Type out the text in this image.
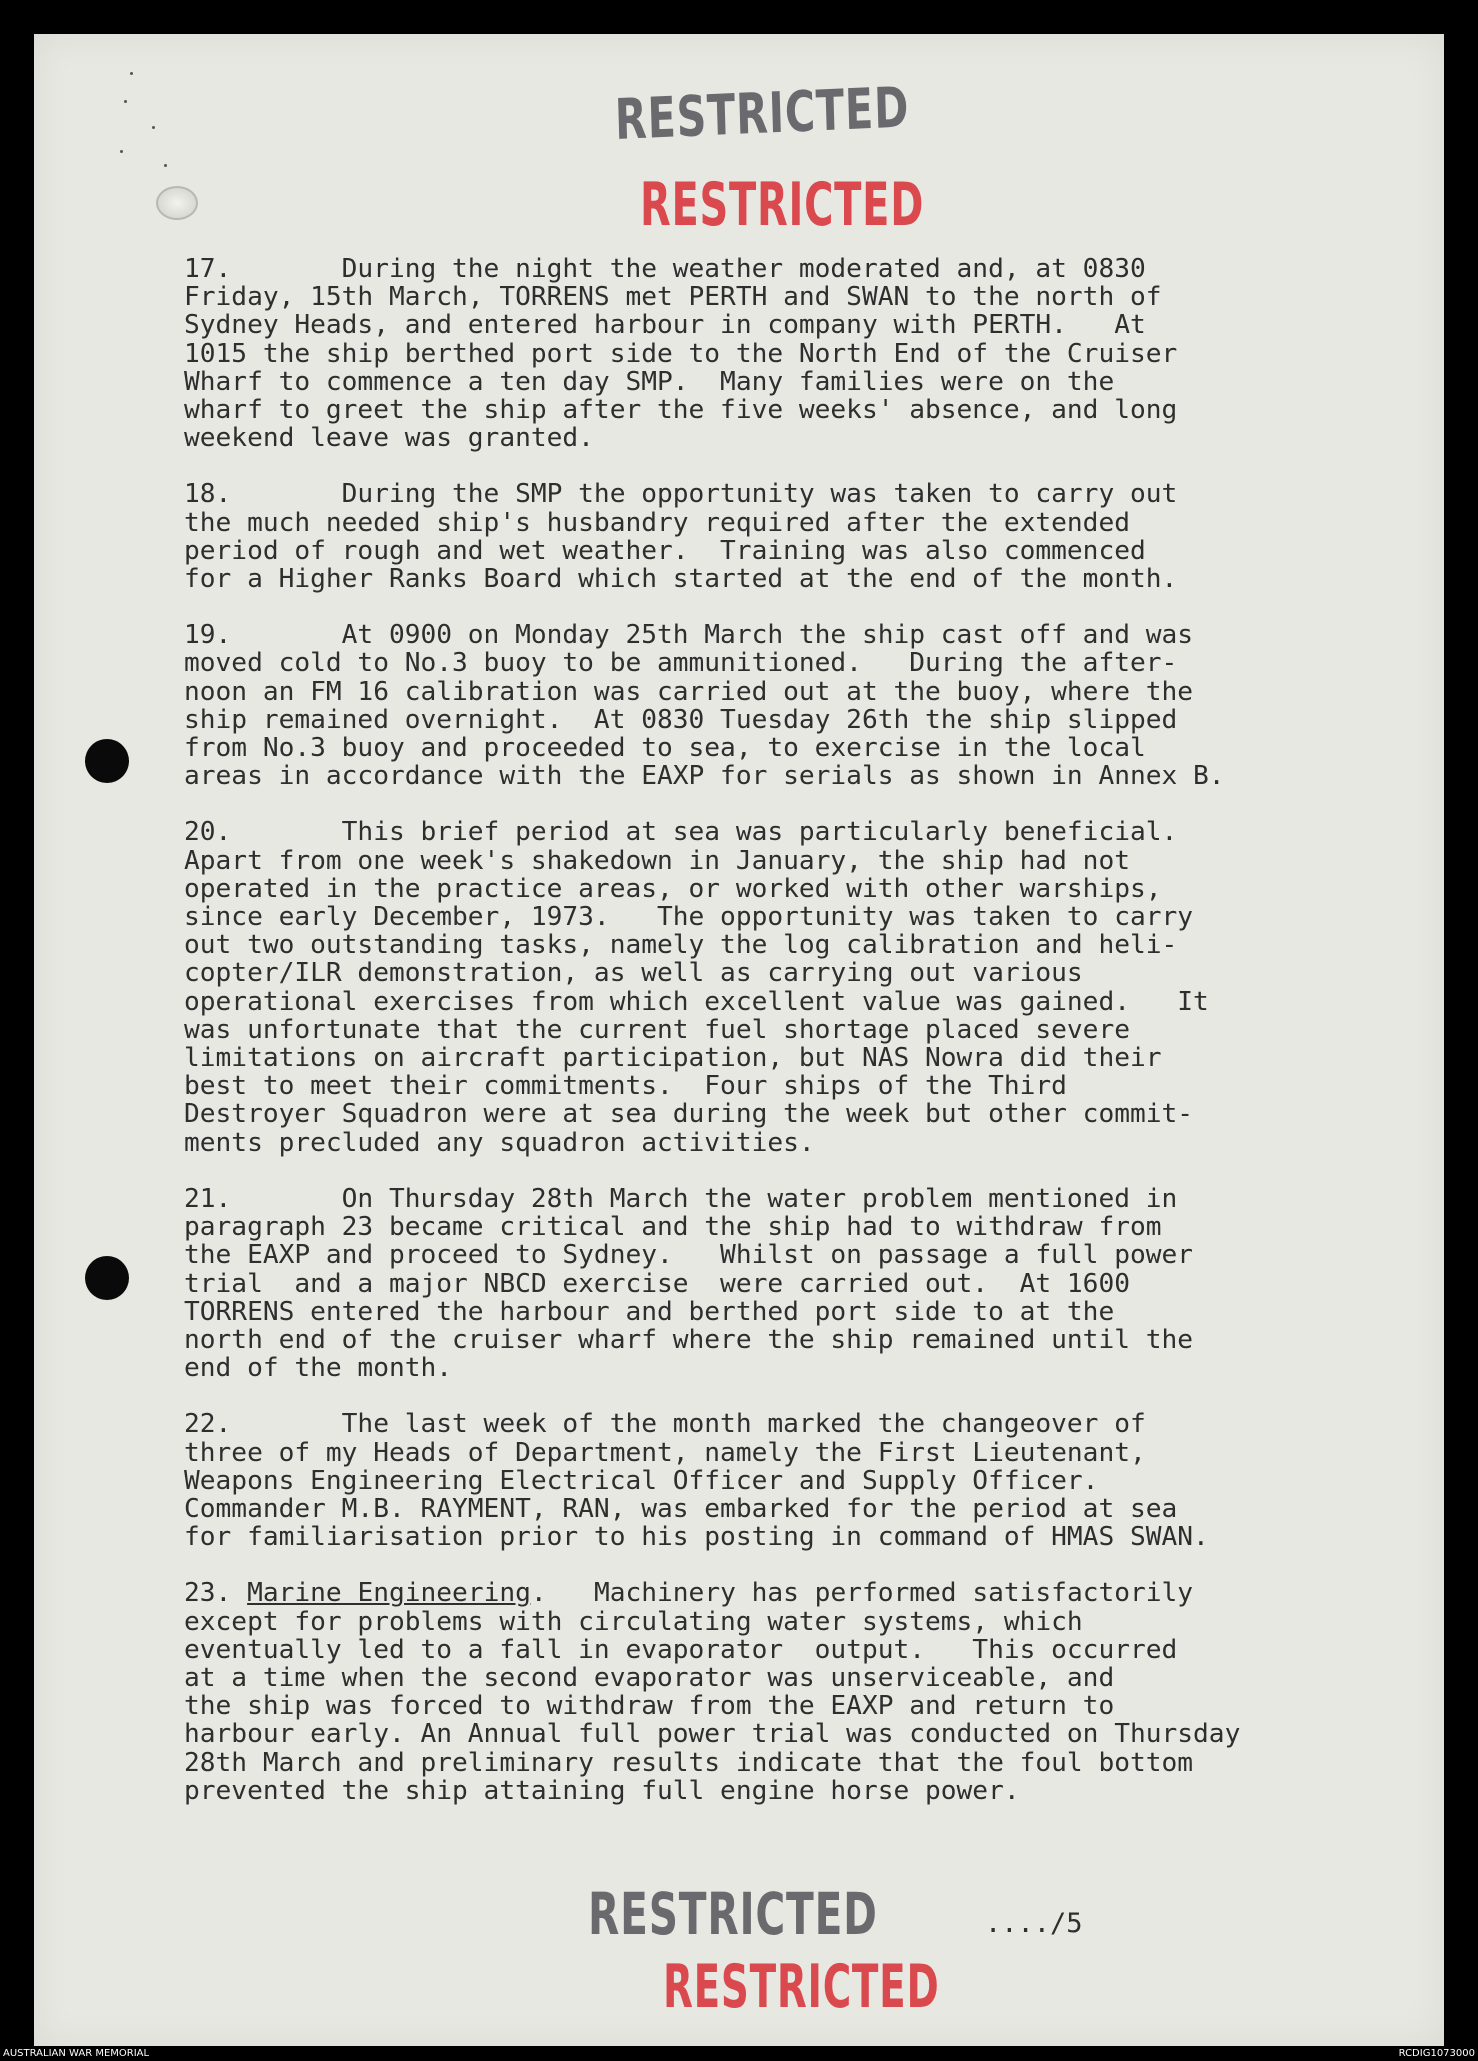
RESTRICTED
RESTRICTED

17.       During the night the weather moderated and, at 0830

Friday, 15th March, TORRENS met PERTH and SWAN to the north of

Sydney Heads, and entered harbour in company with PERTH.   At

1015 the ship berthed port side to the North End of the Cruiser

Wharf to commence a ten day SMP.  Many families were on the

wharf to greet the ship after the five weeks' absence, and long

weekend leave was granted.

18.       During the SMP the opportunity was taken to carry out

the much needed ship's husbandry required after the extended

period of rough and wet weather.  Training was also commenced

for a Higher Ranks Board which started at the end of the month.

19.       At 0900 on Monday 25th March the ship cast off and was

moved cold to No.3 buoy to be ammunitioned.   During the after-

noon an FM 16 calibration was carried out at the buoy, where the

ship remained overnight.  At 0830 Tuesday 26th the ship slipped

from No.3 buoy and proceeded to sea, to exercise in the local

areas in accordance with the EAXP for serials as shown in Annex B.

20.       This brief period at sea was particularly beneficial.

Apart from one week's shakedown in January, the ship had not

operated in the practice areas, or worked with other warships,

since early December, 1973.   The opportunity was taken to carry

out two outstanding tasks, namely the log calibration and heli-

copter/ILR demonstration, as well as carrying out various

operational exercises from which excellent value was gained.   It

was unfortunate that the current fuel shortage placed severe

limitations on aircraft participation, but NAS Nowra did their

best to meet their commitments.  Four ships of the Third

Destroyer Squadron were at sea during the week but other commit-

ments precluded any squadron activities.

21.       On Thursday 28th March the water problem mentioned in

paragraph 23 became critical and the ship had to withdraw from

the EAXP and proceed to Sydney.   Whilst on passage a full power

trial  and a major NBCD exercise  were carried out.  At 1600

TORRENS entered the harbour and berthed port side to at the

north end of the cruiser wharf where the ship remained until the

end of the month.

22.       The last week of the month marked the changeover of

three of my Heads of Department, namely the First Lieutenant,

Weapons Engineering Electrical Officer and Supply Officer.

Commander M.B. RAYMENT, RAN, was embarked for the period at sea

for familiarisation prior to his posting in command of HMAS SWAN.

23. Marine Engineering.   Machinery has performed satisfactorily

except for problems with circulating water systems, which

eventually led to a fall in evaporator  output.   This occurred

at a time when the second evaporator was unserviceable, and

the ship was forced to withdraw from the EAXP and return to

harbour early. An Annual full power trial was conducted on Thursday

28th March and preliminary results indicate that the foul bottom

prevented the ship attaining full engine horse power.

RESTRICTED
RESTRICTED
..../5
AUSTRALIAN WAR MEMORIAL	RCDIG1073000
